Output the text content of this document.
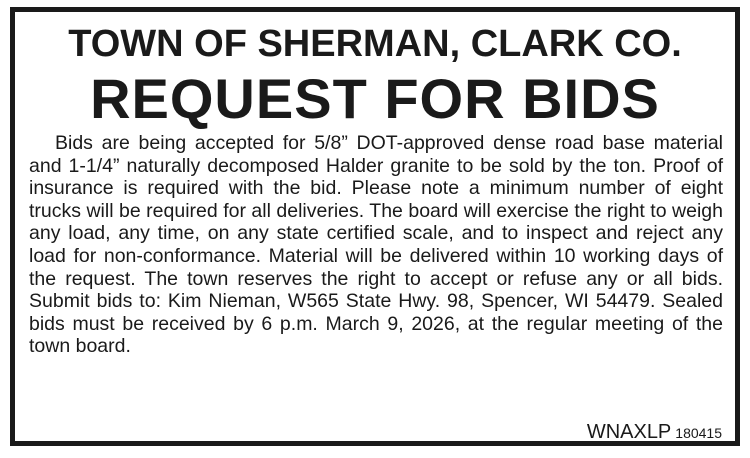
TOWN OF SHERMAN, CLARK CO.
REQUEST FOR BIDS

Bids are being accepted for 5/8” DOT-approved dense road base material and 1-1/4” naturally decomposed Halder granite to be sold by the ton. Proof of insurance is required with the bid. Please note a minimum number of eight trucks will be required for all deliveries. The board will exercise the right to weigh any load, any time, on any state certified scale, and to inspect and reject any load for non-conformance. Material will be delivered within 10 working days of the request. The town reserves the right to accept or refuse any or all bids. Submit bids to: Kim Nieman, W565 State Hwy. 98, Spencer, WI 54479. Sealed bids must be received by 6 p.m. March 9, 2026, at the regular meeting of the town board.

WNAXLP 180415
